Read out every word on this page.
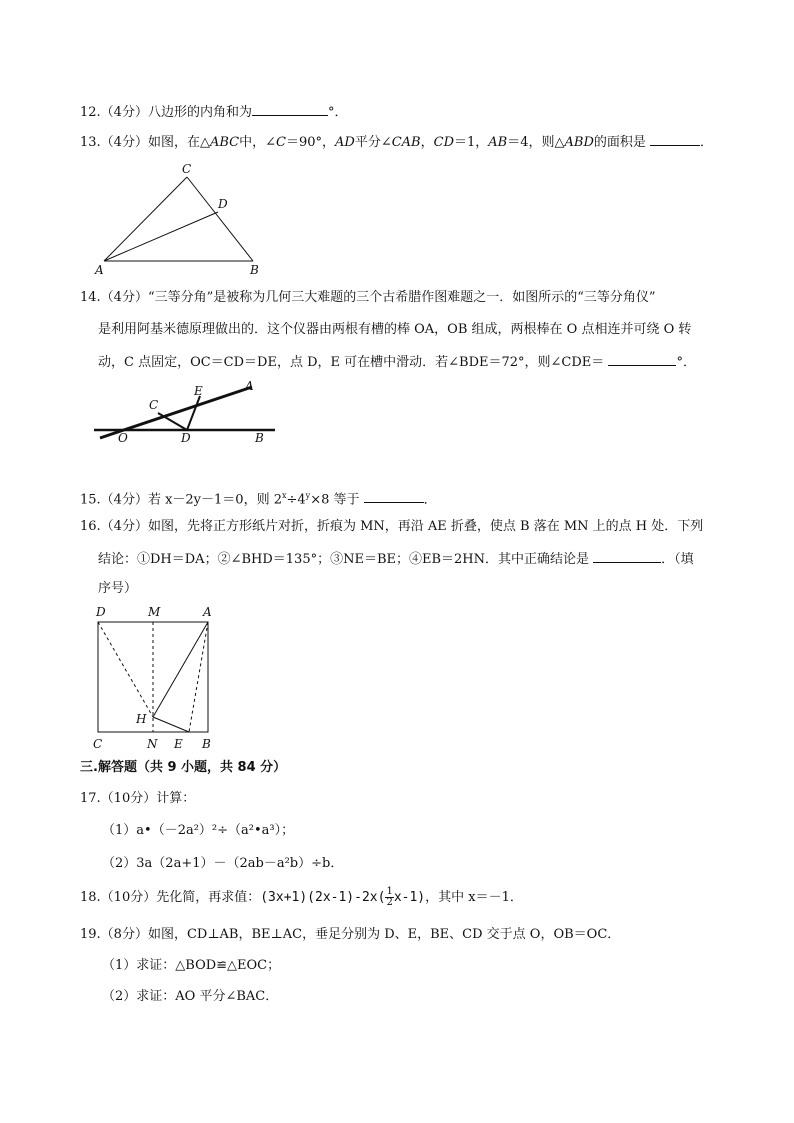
12.（4分）八边形的内角和为	°．
13.（4分）如图，在△ABC中，∠C＝90°，AD平分∠CAB，CD＝1，AB＝4，则△ABD的面积是	．
C
D
A	B
14.（4分）“三等分角”是被称为几何三大难题的三个古希腊作图难题之一．如图所示的“三等分角仪”
是利用阿基米德原理做出的．这个仪器由两根有槽的棒 OA，OB 组成，两根棒在 O 点相连并可绕 O 转
动，C 点固定，OC＝CD＝DE，点 D，E 可在槽中滑动．若∠BDE＝72°，则∠CDE＝	°．
A
E
C
O	D	B
15.（4分）若 x－2y－1＝0，则 $2^x\div 4^y\times 8$ 等于	．
16.（4分）如图，先将正方形纸片对折，折痕为 MN，再沿 AE 折叠，使点 B 落在 MN 上的点 H 处．下列
结论：①DH＝DA；②∠BHD＝135°；③NE＝BE；④EB＝2HN．其中正确结论是	．（填
序号）
D	M	A
H
C	N E B
三.解答题（共 9 小题，共 84 分）
17.（10分）计算：
（1）a•（－2a²）²÷（a²•a³）；
（2）3a（2a+1）－（2ab－a²b）÷b．
18.（10分）先化简，再求值：$(3x+1)(2x-1)-2x( \frac{1}{2} x-1)$，其中 x＝－1．
19.（8分）如图，CD⊥AB，BE⊥AC，垂足分别为 D、E，BE、CD 交于点 O，OB＝OC．
（1）求证：△BOD≌△EOC；
（2）求证：AO 平分∠BAC．
